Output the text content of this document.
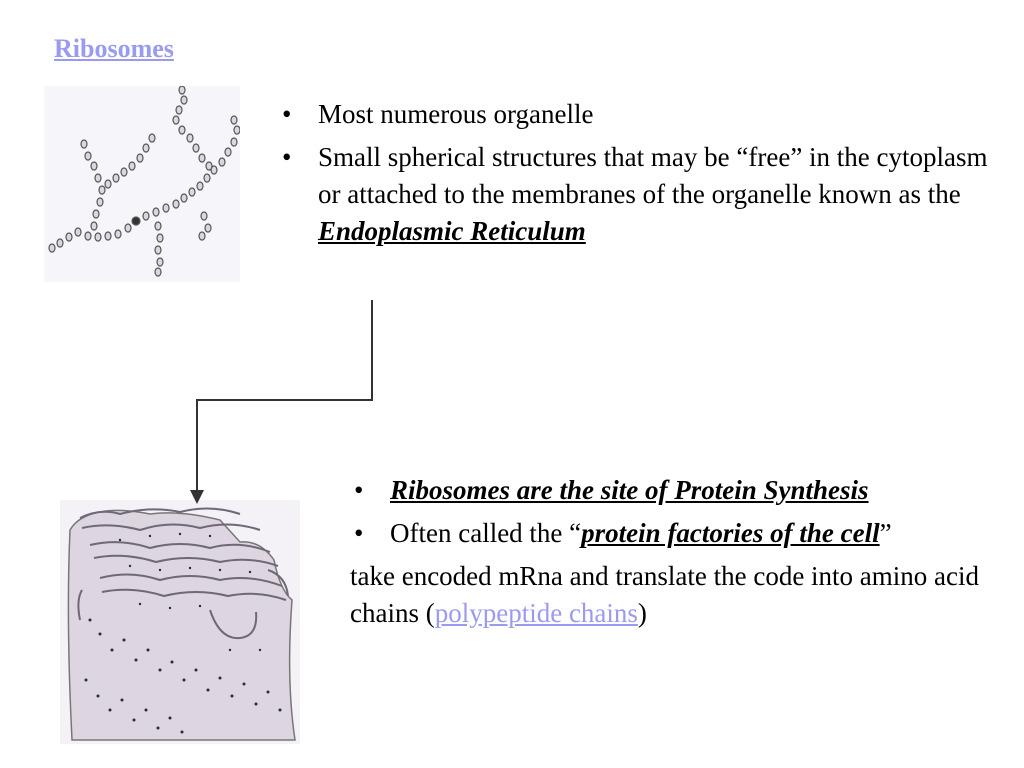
Ribosomes
• Most numerous organelle
• Small spherical structures that may be “free” in the cytoplasm or attached to the membranes of the organelle known as the Endoplasmic Reticulum
• Ribosomes are the site of Protein Synthesis
• Often called the “protein factories of the cell”

take encoded mRna and translate the code into amino acid chains (polypeptide chains)
